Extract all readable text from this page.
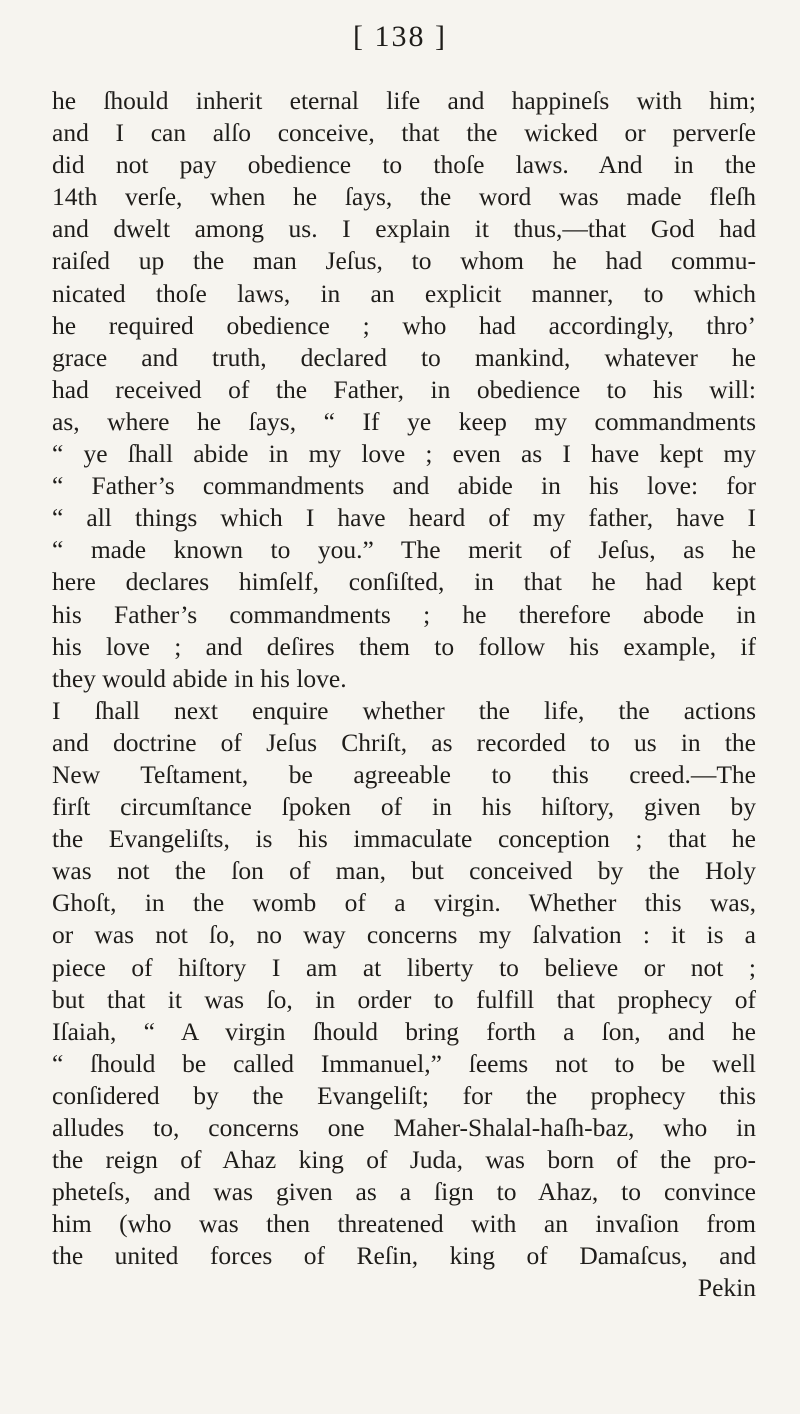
[ 138 ]
he ſhould inherit eternal life and happineſs with him;
and I can alſo conceive, that the wicked or perverſe
did not pay obedience to thoſe laws. And in the
14th verſe, when he ſays, the word was made fleſh
and dwelt among us. I explain it thus,—that God had
raiſed up the man Jeſus, to whom he had commu-
nicated thoſe laws, in an explicit manner, to which
he required obedience ; who had accordingly, thro’
grace and truth, declared to mankind, whatever he
had received of the Father, in obedience to his will:
as, where he ſays, “ If ye keep my commandments
“ ye ſhall abide in my love ; even as I have kept my
“ Father’s commandments and abide in his love: for
“ all things which I have heard of my father, have I
“ made known to you.” The merit of Jeſus, as he
here declares himſelf, conſiſted, in that he had kept
his Father’s commandments ; he therefore abode in
his love ; and deſires them to follow his example, if
they would abide in his love.
I ſhall next enquire whether the life, the actions
and doctrine of Jeſus Chriſt, as recorded to us in the
New Teſtament, be agreeable to this creed.—The
firſt circumſtance ſpoken of in his hiſtory, given by
the Evangeliſts, is his immaculate conception ; that he
was not the ſon of man, but conceived by the Holy
Ghoſt, in the womb of a virgin. Whether this was,
or was not ſo, no way concerns my ſalvation : it is a
piece of hiſtory I am at liberty to believe or not ;
but that it was ſo, in order to fulfill that prophecy of
Iſaiah, “ A virgin ſhould bring forth a ſon, and he
“ ſhould be called Immanuel,” ſeems not to be well
conſidered by the Evangeliſt; for the prophecy this
alludes to, concerns one Maher-Shalal-haſh-baz, who in
the reign of Ahaz king of Juda, was born of the pro-
pheteſs, and was given as a ſign to Ahaz, to convince
him (who was then threatened with an invaſion from
the united forces of Reſin, king of Damaſcus, and
Pekin
